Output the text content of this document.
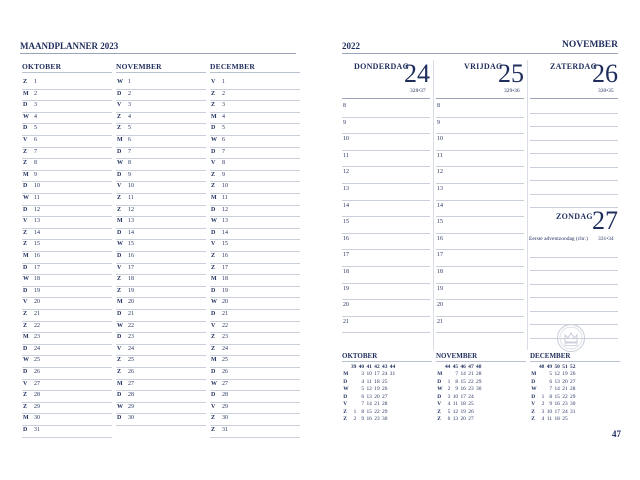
MAANDPLANNER 2023
OKTOBER
Z 1
M 2
D 3
W 4
D 5
V 6
Z 7
Z 8
M 9
D 10
W 11
D 12
V 13
Z 14
Z 15
M 16
D 17
W 18
D 19
V 20
Z 21
Z 22
M 23
D 24
W 25
D 26
V 27
Z 28
Z 29
M 30
D 31
NOVEMBER
W 1
D 2
V 3
Z 4
Z 5
M 6
D 7
W 8
D 9
V 10
Z 11
Z 12
M 13
D 14
W 15
D 16
V 17
Z 18
Z 19
M 20
D 21
W 22
D 23
V 24
Z 25
Z 26
M 27
D 28
W 29
D 30
DECEMBER
V 1
Z 2
Z 3
M 4
D 5
W 6
D 7
V 8
Z 9
Z 10
M 11
D 12
W 13
D 14
V 15
Z 16
Z 17
M 18
D 19
W 20
D 21
V 22
Z 23
Z 24
M 25
D 26
W 27
D 28
V 29
Z 30
Z 31
2022	NOVEMBER
DONDERDAG
24
328•37
VRIJDAG
25
329•36
ZATERDAG
26
330•35
8
9
10
11
12
13
14
15
16
17
18
19
20
21
8
9
10
11
12
13
14
15
16
17
18
19
20
21
ZONDAG 27
Eerste adventzondag (chr.) 331•34
OKTOBER
	39	40	41	42	43	44
M		3	10	17	24	31
D		4	11	18	25	
W		5	12	19	26	
D		6	13	20	27	
V		7	14	21	28	
Z	1	8	15	22	29	
Z	2	9	16	23	30	
NOVEMBER
	44	45	46	47	48
M		7	14	21	28
D	1	8	15	22	29
W	2	9	16	23	30
D	3	10	17	24	
V	4	11	18	25	
Z	5	12	19	26	
Z	6	13	20	27	
DECEMBER
	48	49	50	51	52
M		5	12	19	26
D		6	13	20	27
W		7	14	21	28
D	1	8	15	22	29
V	2	9	16	23	30
Z	3	10	17	24	31
Z	4	11	18	25	
47
